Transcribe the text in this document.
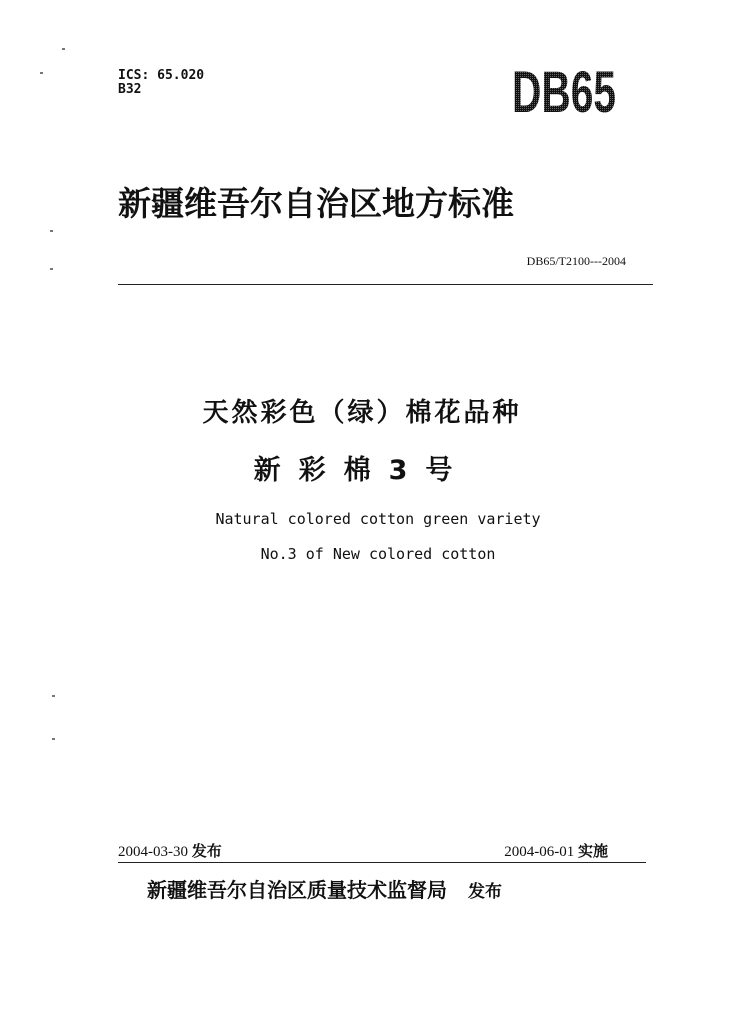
ICS: 65.020
B32	DB65
新疆维吾尔自治区地方标准
DB65/T2100---2004
天然彩色（绿）棉花品种
新彩棉3号
Natural colored cotton green variety
No.3 of New colored cotton
2004-03-30 发布	2004-06-01 实施
新疆维吾尔自治区质量技术监督局 发布
